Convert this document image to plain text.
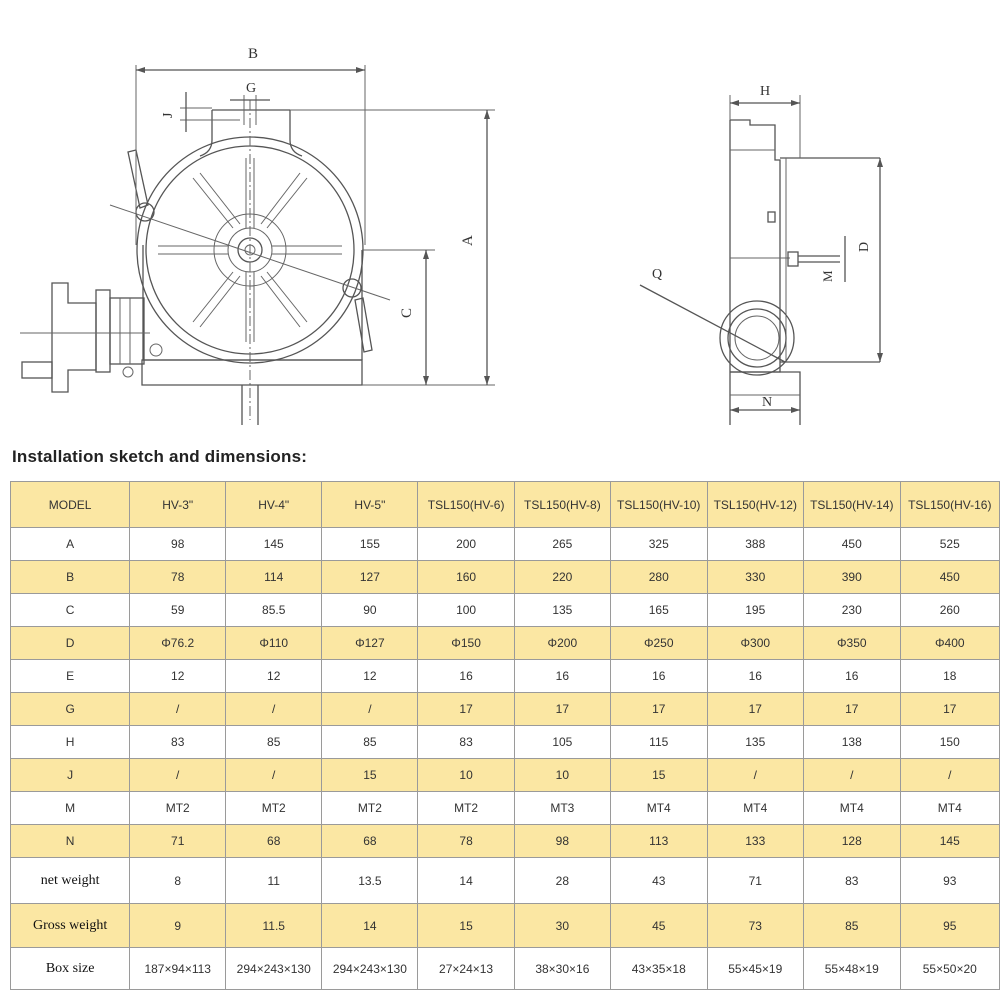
B
G
J
A
C
H
D
M
Q
N
Installation sketch and dimensions:
MODEL	HV-3"	HV-4"	HV-5"	TSL150(HV-6)	TSL150(HV-8)	TSL150(HV-10)	TSL150(HV-12)	TSL150(HV-14)	TSL150(HV-16)
A	98	145	155	200	265	325	388	450	525
B	78	114	127	160	220	280	330	390	450
C	59	85.5	90	100	135	165	195	230	260
D	Φ76.2	Φ110	Φ127	Φ150	Φ200	Φ250	Φ300	Φ350	Φ400
E	12	12	12	16	16	16	16	16	18
G	/	/	/	17	17	17	17	17	17
H	83	85	85	83	105	115	135	138	150
J	/	/	15	10	10	15	/	/	/
M	MT2	MT2	MT2	MT2	MT3	MT4	MT4	MT4	MT4
N	71	68	68	78	98	113	133	128	145
net weight	8	11	13.5	14	28	43	71	83	93
Gross weight	9	11.5	14	15	30	45	73	85	95
Box size	187×94×113	294×243×130	294×243×130	27×24×13	38×30×16	43×35×18	55×45×19	55×48×19	55×50×20
